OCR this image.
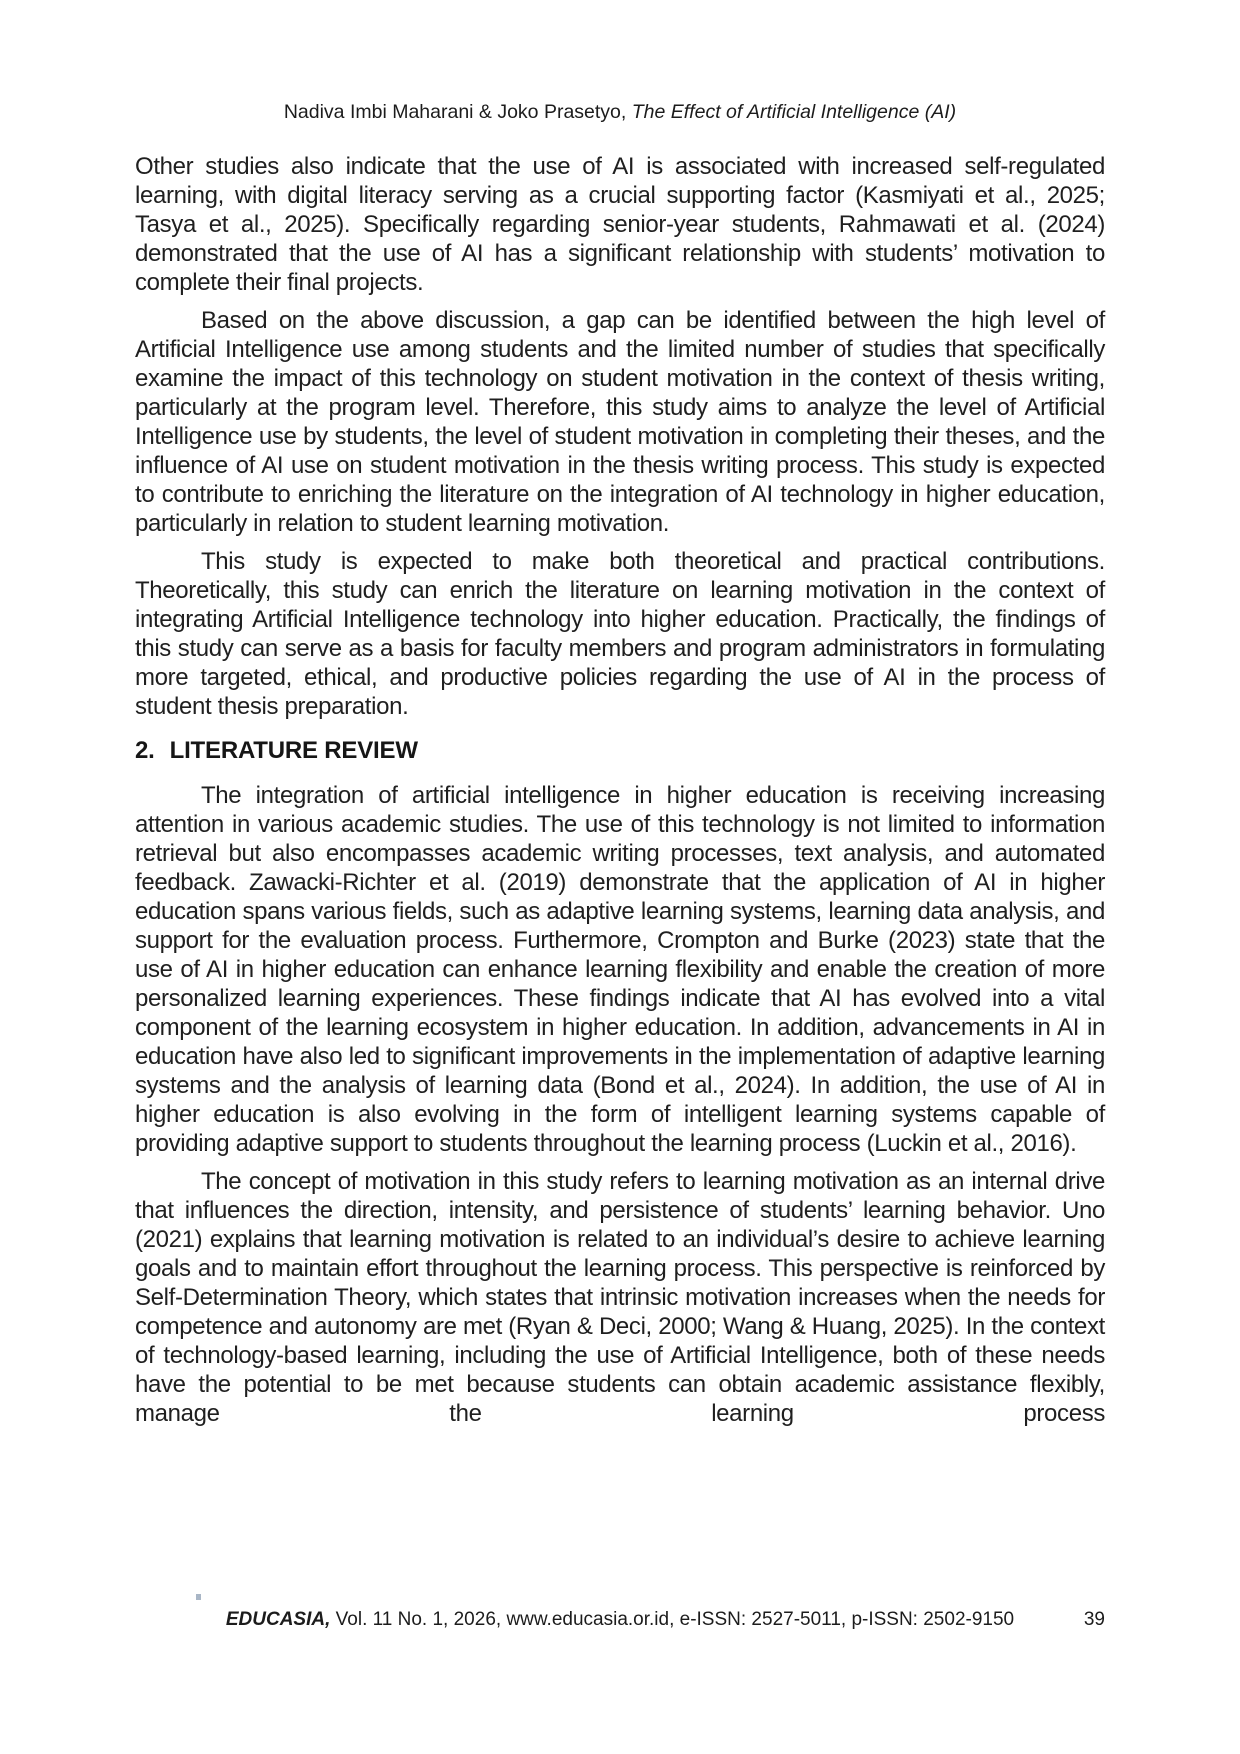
Nadiva Imbi Maharani & Joko Prasetyo, The Effect of Artificial Intelligence (AI)

Other studies also indicate that the use of AI is associated with increased self-regulated learning, with digital literacy serving as a crucial supporting factor (Kasmiyati et al., 2025; Tasya et al., 2025). Specifically regarding senior-year students, Rahmawati et al. (2024) demonstrated that the use of AI has a significant relationship with students’ motivation to complete their final projects.

Based on the above discussion, a gap can be identified between the high level of Artificial Intelligence use among students and the limited number of studies that specifically examine the impact of this technology on student motivation in the context of thesis writing, particularly at the program level. Therefore, this study aims to analyze the level of Artificial Intelligence use by students, the level of student motivation in completing their theses, and the influence of AI use on student motivation in the thesis writing process. This study is expected to contribute to enriching the literature on the integration of AI technology in higher education, particularly in relation to student learning motivation.

This study is expected to make both theoretical and practical contributions. Theoretically, this study can enrich the literature on learning motivation in the context of integrating Artificial Intelligence technology into higher education. Practically, the findings of this study can serve as a basis for faculty members and program administrators in formulating more targeted, ethical, and productive policies regarding the use of AI in the process of student thesis preparation.

2. LITERATURE REVIEW

The integration of artificial intelligence in higher education is receiving increasing attention in various academic studies. The use of this technology is not limited to information retrieval but also encompasses academic writing processes, text analysis, and automated feedback. Zawacki-Richter et al. (2019) demonstrate that the application of AI in higher education spans various fields, such as adaptive learning systems, learning data analysis, and support for the evaluation process. Furthermore, Crompton and Burke (2023) state that the use of AI in higher education can enhance learning flexibility and enable the creation of more personalized learning experiences. These findings indicate that AI has evolved into a vital component of the learning ecosystem in higher education. In addition, advancements in AI in education have also led to significant improvements in the implementation of adaptive learning systems and the analysis of learning data (Bond et al., 2024). In addition, the use of AI in higher education is also evolving in the form of intelligent learning systems capable of providing adaptive support to students throughout the learning process (Luckin et al., 2016).

The concept of motivation in this study refers to learning motivation as an internal drive that influences the direction, intensity, and persistence of students’ learning behavior. Uno (2021) explains that learning motivation is related to an individual’s desire to achieve learning goals and to maintain effort throughout the learning process. This perspective is reinforced by Self-Determination Theory, which states that intrinsic motivation increases when the needs for competence and autonomy are met (Ryan & Deci, 2000; Wang & Huang, 2025). In the context of technology-based learning, including the use of Artificial Intelligence, both of these needs have the potential to be met because students can obtain academic assistance flexibly, manage the learning process

EDUCASIA, Vol. 11 No. 1, 2026, www.educasia.or.id, e-ISSN: 2527-5011, p-ISSN: 2502-9150	39
